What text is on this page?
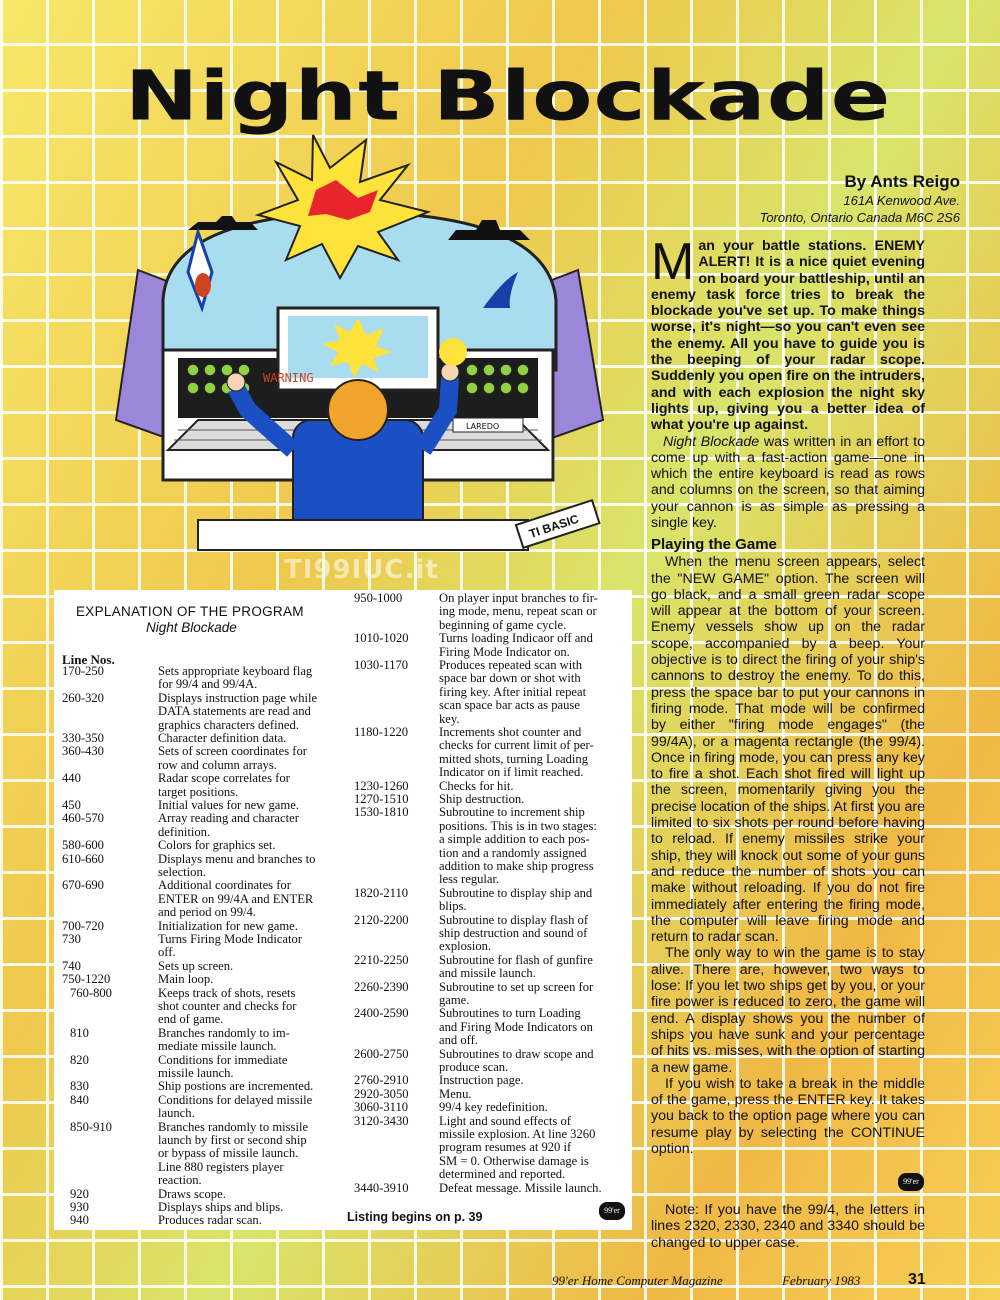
Night Blockade
WARNING
LAREDO
TI BASIC
TI99IUC.it
By Ants Reigo
161A Kenwood Ave.
Toronto, Ontario Canada M6C 2S6

Man your battle stations. ENEMY ALERT! It is a nice quiet evening on board your battleship, until an enemy task force tries to break the blockade you've set up. To make things worse, it's night—so you can't even see the enemy. All you have to guide you is the beeping of your radar scope. Suddenly you open fire on the intruders, and with each explosion the night sky lights up, giving you a better idea of what you're up against.

Night Blockade was written in an effort to come up with a fast-action game—one in which the entire keyboard is read as rows and columns on the screen, so that aiming your cannon is as simple as pressing a single key.

Playing the Game

When the menu screen appears, select the "NEW GAME" option. The screen will go black, and a small green radar scope will appear at the bottom of your screen. Enemy vessels show up on the radar scope, accompanied by a beep. Your objective is to direct the firing of your ship's cannons to destroy the enemy. To do this, press the space bar to put your cannons in firing mode. That mode will be confirmed by either "firing mode engages" (the 99/4A), or a magenta rectangle (the 99/4). Once in firing mode, you can press any key to fire a shot. Each shot fired will light up the screen, momentarily giving you the precise location of the ships. At first you are limited to six shots per round before having to reload. If enemy missiles strike your ship, they will knock out some of your guns and reduce the number of shots you can make without reloading. If you do not fire immediately after entering the firing mode, the computer will leave firing mode and return to radar scan.

The only way to win the game is to stay alive. There are, however, two ways to lose: If you let two ships get by you, or your fire power is reduced to zero, the game will end. A display shows you the number of ships you have sunk and your percentage of hits vs. misses, with the option of starting a new game.

If you wish to take a break in the middle of the game, press the ENTER key. It takes you back to the option page where you can resume play by selecting the CONTINUE option.

99'er
Note: If you have the 99/4, the letters in lines 2320, 2330, 2340 and 3340 should be changed to upper case.
99'er Home Computer Magazine	February 1983	31
EXPLANATION OF THE PROGRAM
Night Blockade
Line Nos.
170-250	Sets appropriate keyboard flag
for 99/4 and 99/4A.
260-320	Displays instruction page while
DATA statements are read and
graphics characters defined.
330-350	Character definition data.
360-430	Sets of screen coordinates for
row and column arrays.
440	Radar scope correlates for
target positions.
450	Initial values for new game.
460-570	Array reading and character
definition.
580-600	Colors for graphics set.
610-660	Displays menu and branches to
selection.
670-690	Additional coordinates for
ENTER on 99/4A and ENTER
and period on 99/4.
700-720	Initialization for new game.
730	Turns Firing Mode Indicator
off.
740	Sets up screen.
750-1220	Main loop.
760-800	Keeps track of shots, resets
shot counter and checks for
end of game.
810	Branches randomly to im-
mediate missile launch.
820	Conditions for immediate
missile launch.
830	Ship postions are incremented.
840	Conditions for delayed missile
launch.
850-910	Branches randomly to missile
launch by first or second ship
or bypass of missile launch.
Line 880 registers player
reaction.
920	Draws scope.
930	Displays ships and blips.
940	Produces radar scan.
950-1000	On player input branches to fir-
ing mode, menu, repeat scan or
beginning of game cycle.
1010-1020 Turns loading Indicaor off and
Firing Mode Indicator on.
1030-1170 Produces repeated scan with
space bar down or shot with
firing key. After initial repeat
scan space bar acts as pause
key.
1180-1220 Increments shot counter and
checks for current limit of per-
mitted shots, turning Loading
Indicator on if limit reached.
1230-1260 Checks for hit.
1270-1510 Ship destruction.
1530-1810 Subroutine to increment ship
positions. This is in two stages:
a simple addition to each pos-
tion and a randomly assigned
addition to make ship progress
less regular.
1820-2110 Subroutine to display ship and
blips.
2120-2200 Subroutine to display flash of
ship destruction and sound of
explosion.
2210-2250 Subroutine for flash of gunfire
and missile launch.
2260-2390 Subroutine to set up screen for
game.
2400-2590 Subroutines to turn Loading
and Firing Mode Indicators on
and off.
2600-2750 Subroutines to draw scope and
produce scan.
2760-2910 Instruction page.
2920-3050 Menu.
3060-3110 99/4 key redefinition.
3120-3430 Light and sound effects of
missile explosion. At line 3260
program resumes at 920 if
SM = 0. Otherwise damage is
determined and reported.
3440-3910 Defeat message. Missile launch.
Listing begins on p. 39	99'er
